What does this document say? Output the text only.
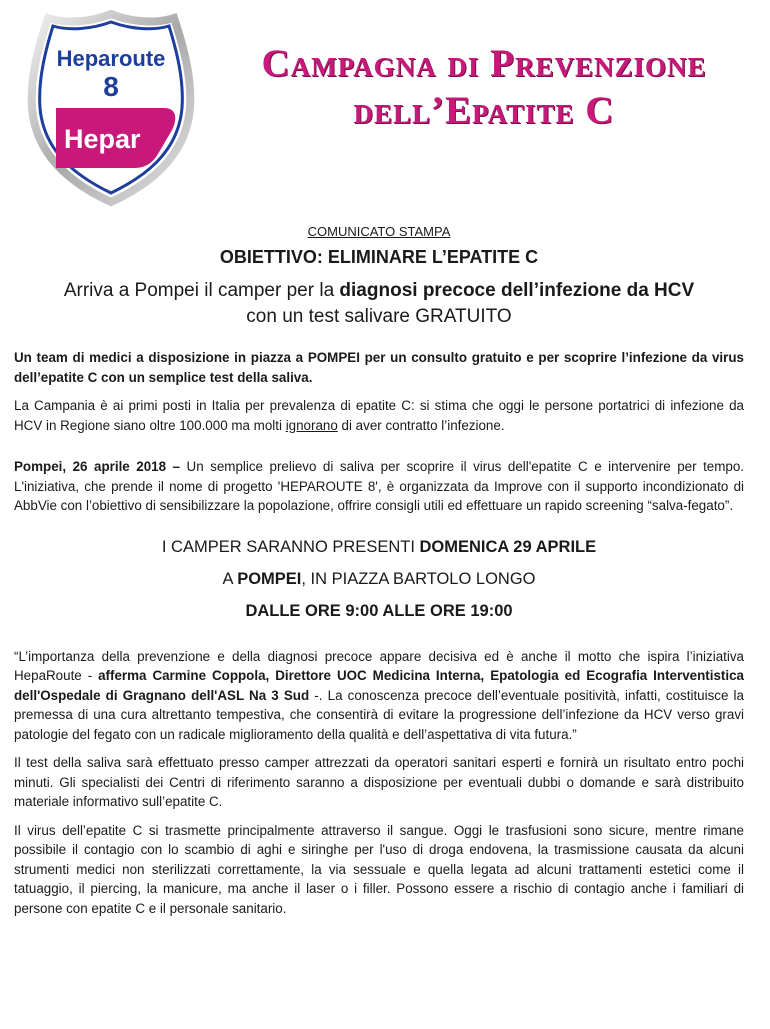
Heparoute
8
Hepar
Campagna di Prevenzione
dell’Epatite C
COMUNICATO STAMPA
OBIETTIVO: ELIMINARE L’EPATITE C
Arriva a Pompei il camper per la diagnosi precoce dell’infezione da HCV
con un test salivare GRATUITO

Un team di medici a disposizione in piazza a POMPEI per un consulto gratuito e per scoprire l’infezione da virus dell’epatite C con un semplice test della saliva.

La Campania è ai primi posti in Italia per prevalenza di epatite C: si stima che oggi le persone portatrici di infezione da HCV in Regione siano oltre 100.000 ma molti ignorano di aver contratto l’infezione.

Pompei, 26 aprile 2018 – Un semplice prelievo di saliva per scoprire il virus dell'epatite C e intervenire per tempo. L'iniziativa, che prende il nome di progetto 'HEPAROUTE 8', è organizzata da Improve con il supporto incondizionato di AbbVie con l’obiettivo di sensibilizzare la popolazione, offrire consigli utili ed effettuare un rapido screening “salva-fegato”.

I CAMPER SARANNO PRESENTI DOMENICA 29 APRILE
A POMPEI, IN PIAZZA BARTOLO LONGO
DALLE ORE 9:00 ALLE ORE 19:00

“L’importanza della prevenzione e della diagnosi precoce appare decisiva ed è anche il motto che ispira l’iniziativa HepaRoute - afferma Carmine Coppola, Direttore UOC Medicina Interna, Epatologia ed Ecografia Interventistica dell'Ospedale di Gragnano dell'ASL Na 3 Sud -. La conoscenza precoce dell’eventuale positività, infatti, costituisce la premessa di una cura altrettanto tempestiva, che consentirà di evitare la progressione dell’infezione da HCV verso gravi patologie del fegato con un radicale miglioramento della qualità e dell’aspettativa di vita futura.”

Il test della saliva sarà effettuato presso camper attrezzati da operatori sanitari esperti e fornirà un risultato entro pochi minuti. Gli specialisti dei Centri di riferimento saranno a disposizione per eventuali dubbi o domande e sarà distribuito materiale informativo sull’epatite C.

Il virus dell’epatite C si trasmette principalmente attraverso il sangue. Oggi le trasfusioni sono sicure, mentre rimane possibile il contagio con lo scambio di aghi e siringhe per l'uso di droga endovena, la trasmissione causata da alcuni strumenti medici non sterilizzati correttamente, la via sessuale e quella legata ad alcuni trattamenti estetici come il tatuaggio, il piercing, la manicure, ma anche il laser o i filler. Possono essere a rischio di contagio anche i familiari di persone con epatite C e il personale sanitario.
